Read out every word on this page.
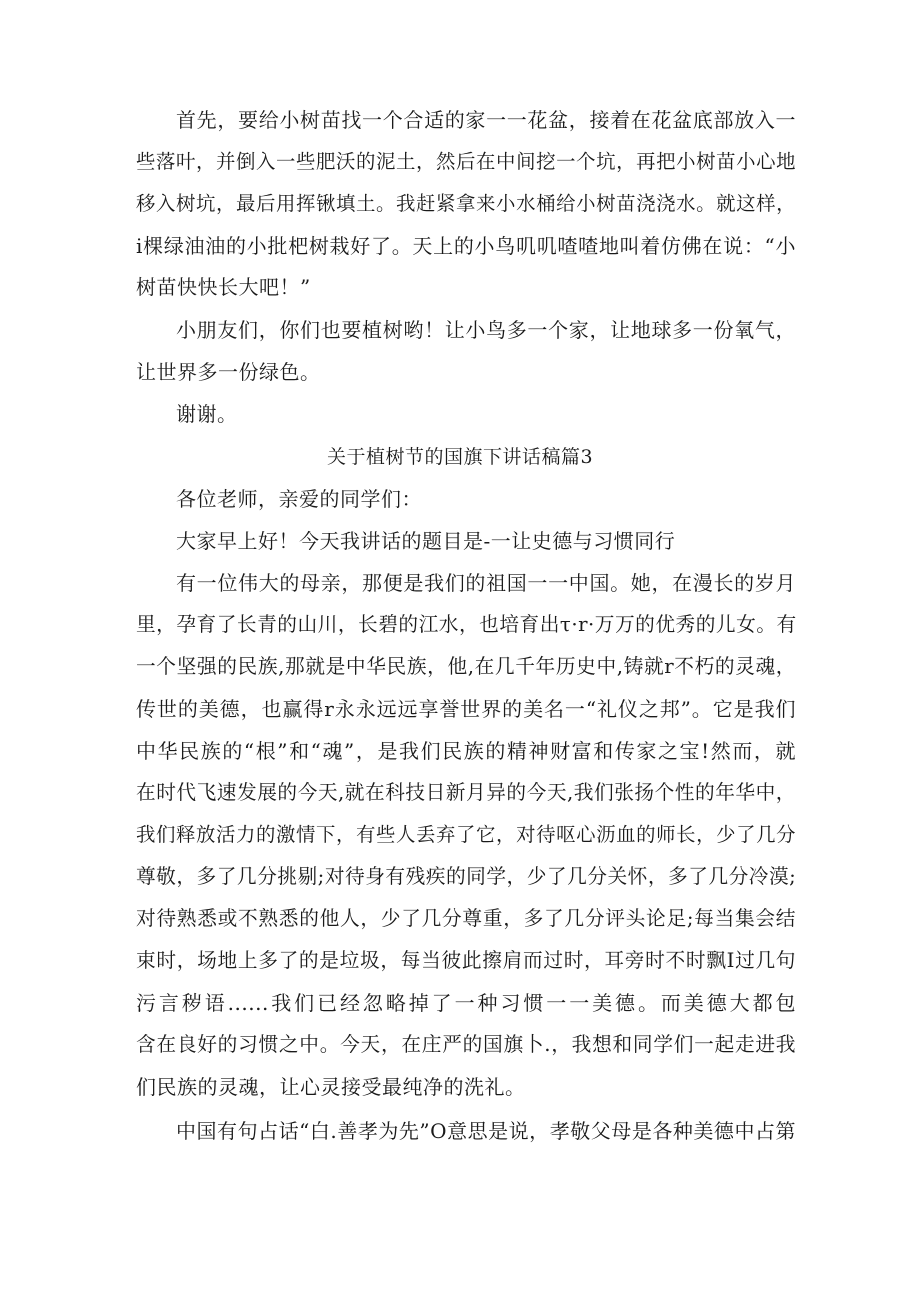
首先，要给小树苗找一个合适的家一一花盆，接着在花盆底部放入一
些落叶，并倒入一些肥沃的泥土，然后在中间挖一个坑，再把小树苗小心地
移入树坑，最后用挥锹填土。我赶紧拿来小水桶给小树苗浇浇水。就这样，
i棵绿油油的小批杷树栽好了。天上的小鸟叽叽喳喳地叫着仿佛在说：“小
树苗快快长大吧！”
小朋友们，你们也要植树哟！让小鸟多一个家，让地球多一份氧气，
让世界多一份绿色。
谢谢。
关于植树节的国旗下讲话稿篇3
各位老师，亲爱的同学们：
大家早上好！今天我讲话的题目是-一让史德与习惯同行
有一位伟大的母亲，那便是我们的祖国一一中国。她，在漫长的岁月
里，孕育了长青的山川，长碧的江水，也培育出τ·r·万万的优秀的儿女。有
一个坚强的民族,那就是中华民族，他,在几千年历史中,铸就r不朽的灵魂，
传世的美德，也赢得r永永远远享誉世界的美名一“礼仪之邦”。它是我们
中华民族的“根”和“魂”，是我们民族的精神财富和传家之宝!然而，就
在时代飞速发展的今天,就在科技日新月异的今天,我们张扬个性的年华中，
我们释放活力的激情下，有些人丢弃了它，对待呕心沥血的师长，少了几分
尊敬，多了几分挑剔;对待身有残疾的同学，少了几分关怀，多了几分冷漠;
对待熟悉或不熟悉的他人，少了几分尊重，多了几分评头论足;每当集会结
束时，场地上多了的是垃圾，每当彼此擦肩而过时，耳旁时不时飘I过几句
污言秽语......我们已经忽略掉了一种习惯一一美德。而美德大都包
含在良好的习惯之中。今天，在庄严的国旗卜.，我想和同学们一起走进我
们民族的灵魂，让心灵接受最纯净的洗礼。
中国有句占话“白.善孝为先”O意思是说，孝敬父母是各种美德中占第
